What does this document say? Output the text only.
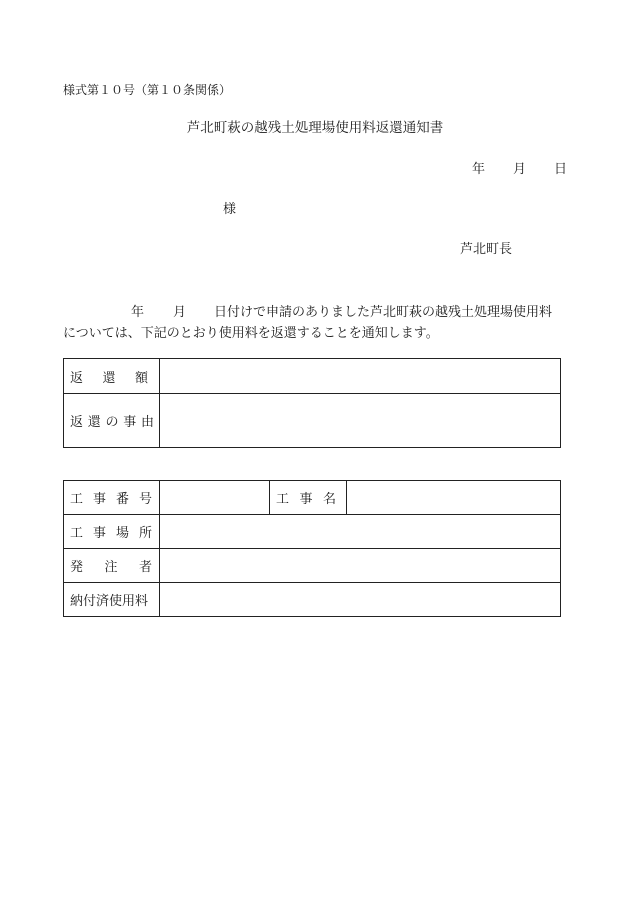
様式第１０号（第１０条関係）
芦北町萩の越残土処理場使用料返還通知書
年 月 日
様
芦北町長
年 月 日付けで申請のありました芦北町萩の越残土処理場使用料
については、下記のとおり使用料を返還することを通知します。
返 還 額	

返 還 の 事 由	

工 事 番 号		工 事 名	

工 事 場 所			

発 注 者			

納付済使用料			
